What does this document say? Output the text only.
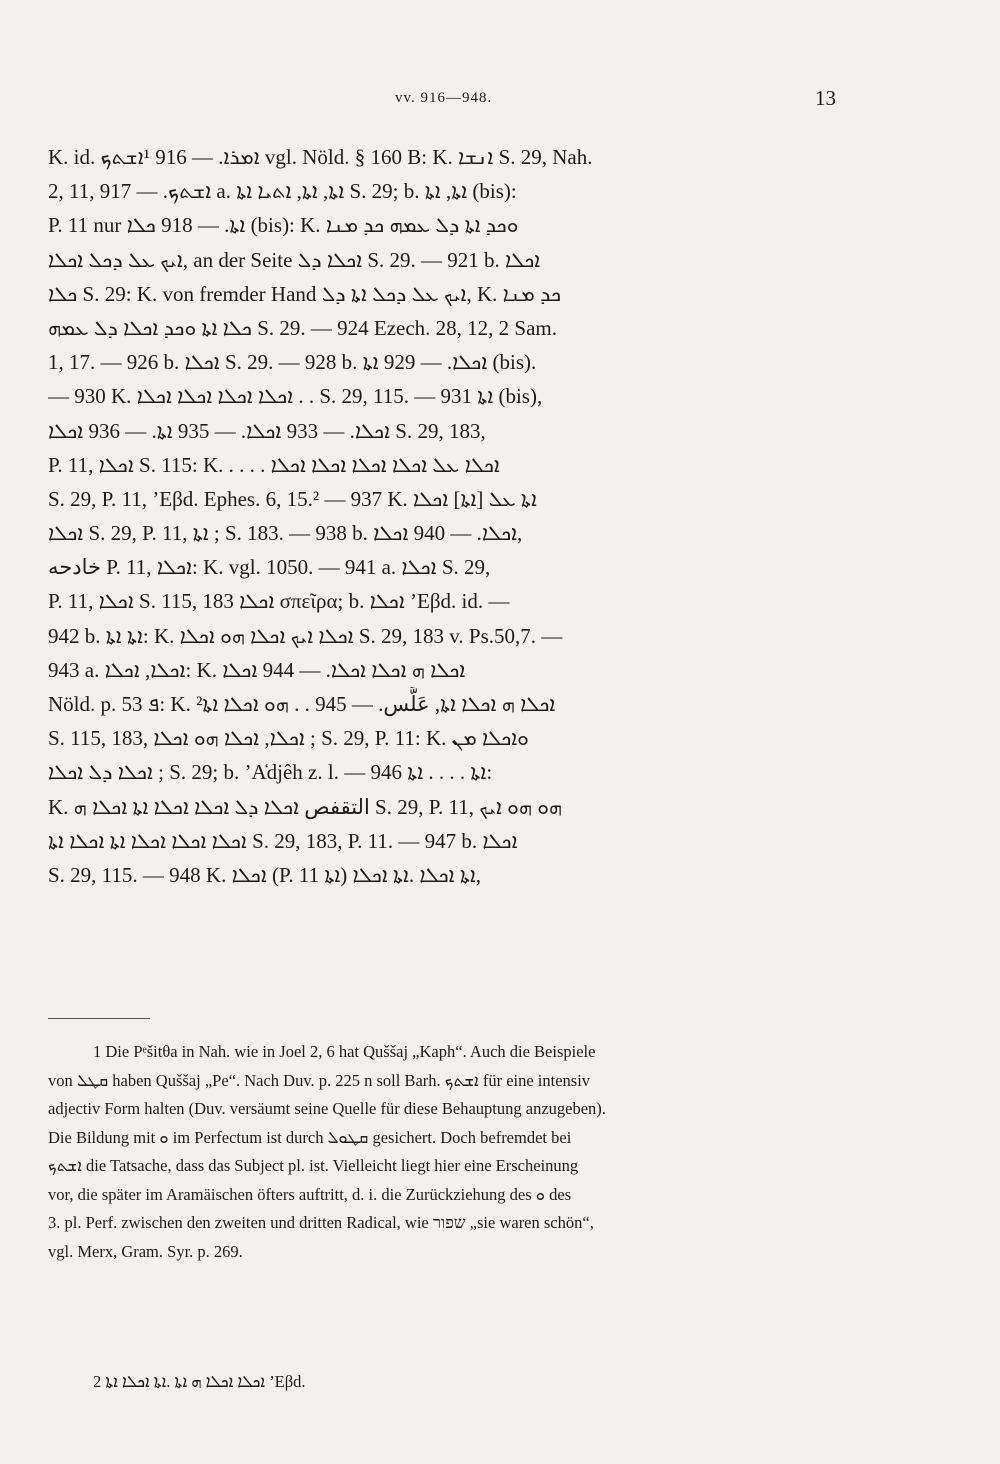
vv. 916—948.	13
K. id. ܐܡܪܐ. — 916 ¹ܐܫܬܟ vgl. Nöld. § 160 B: K. ܐܢܫܐ S. 29, Nah.
2, 11, ܐܫܬܟ. — 917 a. ܐܬܐ, ܐܬܐ, ܐܬܝܐ ܐܬܐ S. 29; b. ܐܬܐ, ܐܬܐ (bis):
P. 11 nur ܐܬܐ. — 918 ܟܠܐ (bis): K. ܘܟܕ ܐܬܐ ܕܠ ܥܡܗ ܟܕ ܡܢܐ
ܐܝܟ ܥܠ ܕܟܠ ܐܟܠܐ, an der Seite ܐܟܠܐ ܕܠ S. 29. — 921 b. ܐܟܠܐ
ܟܠܐ S. 29: K. von fremder Hand ܐܝܟ ܥܠ ܕܟܠ ܐܬܐ ܕܠ, K. ܟܕ ܡܢܐ
ܟܠܐ ܐܬܐ ܘܟܕ ܐܟܠܐ ܕܠ ܥܡܗ S. 29. — 924 Ezech. 28, 12, 2 Sam.
1, 17. — 926 b. ܐܟܠܐ S. 29. — 928 b. ܐܟܠܐ. — 929 ܐܬܐ (bis).
— 930 K. ܐܟܠܐ ܐܟܠܐ ܐܟܠܐ ܐܟܠܐ . . S. 29, 115. — 931 ܐܬܐ (bis),
ܐܟܠܐ. — 933 ܐܟܠܐ. — 935 ܐܬܐ. — 936 ܐܟܠܐ S. 29, 183,
P. 11, ܐܟܠܐ S. 115: K. . . . . ܐܟܠܐ ܥܠ ܐܟܠܐ ܐܟܠܐ ܐܟܠܐ ܐܟܠܐ
S. 29, P. 11, ’Eβd. Ephes. 6, 15.² — 937 K. ܐܬܐ ܥܠ [ܐܬܐ] ܐܟܠܐ
ܐܟܠܐ S. 29, P. 11, ܐܬܐ ; S. 183. — 938 b. ܐܟܠܐ. — 940 ܐܟܠܐ,
خادحه P. 11, ܐܟܠܐ: K. vgl. 1050. — 941 a. ܐܟܠܐ S. 29,
P. 11, ܐܟܠܐ S. 115, ܐܟܠܐ 183 σπεῖρα; b. ܐܟܠܐ ’Eβd. id. —
942 b. ܐܬܐ ܐܬܐ: K. ܐܟܠܐ ܐܝܟ ܐܟܠܐ ܗܘ ܐܟܠܐ S. 29, 183 v. Ps.50,7. —
943 a. ܐܟܠܐ, ܐܟܠܐ: K. ܐܟܠܐ ܗ ܐܟܠܐ ܐܟܠܐ. — 944 ܐܟܠܐ
Nöld. p. 53 ܦ: K. ²ܐܟܠܐ ܗ ܐܟܠܐ ܐܬܐ, عَلَّس. — 945 . . ܗܘ ܐܟܠܐ ܐܬܐ
S. 115, 183, ܐܟܠܐ, ܐܟܠܐ ܗܘ ܐܟܠܐ ; S. 29, P. 11: K. ܘܐܟܠܐ ܡܢ
ܐܟܠܐ ܕܠ ܐܟܠܐ ; S. 29; b. ’A̒djêh z. l. — 946 ܐܬܐ . . . . ܐܬܐ:
K. التقفص ܐܟܠܐ ܕܠ ܐܟܠܐ ܐܟܠܐ ܐܬܐ ܐܟܠܐ ܗ S. 29, P. 11, ܗܘ ܗܘ ܐܝܟ
ܐܟܠܐ ܐܟܠܐ ܐܟܠܐ ܐܬܐ ܐܟܠܐ ܐܬܐ S. 29, 183, P. 11. — 947 b. ܐܟܠܐ
S. 29, 115. — 948 K. ܐܟܠܐ (P. 11 ܐܬܐ) ܐܬܐ ܐܟܠܐ .ܐܬܐ ܐܟܠܐ,
1 Die Pᵉšitθa in Nah. wie in Joel 2, 6 hat Quššaj „Kaph“. Auch die Beispiele
von ܩܛܠ haben Quššaj „Pe“. Nach Duv. p. 225 n soll Barh. ܐܫܬܟ für eine intensiv
adjectiv Form halten (Duv. versäumt seine Quelle für diese Behauptung anzugeben).
Die Bildung mit ܘ im Perfectum ist durch ܩܛܘܠ gesichert. Doch befremdet bei
ܐܫܬܟ die Tatsache, dass das Subject pl. ist. Vielleicht liegt hier eine Erscheinung
vor, die später im Aramäischen öfters auftritt, d. i. die Zurückziehung des ܘ des
3. pl. Perf. zwischen den zweiten und dritten Radical, wie שפור „sie waren schön“,
vgl. Merx, Gram. Syr. p. 269.
2 ܐܟܠܐ ܐܟܠܐ ܗ ܐܬܐ .ܐܬܐ ܐܟܠܐ ܐܬܐ ’Eβd.
